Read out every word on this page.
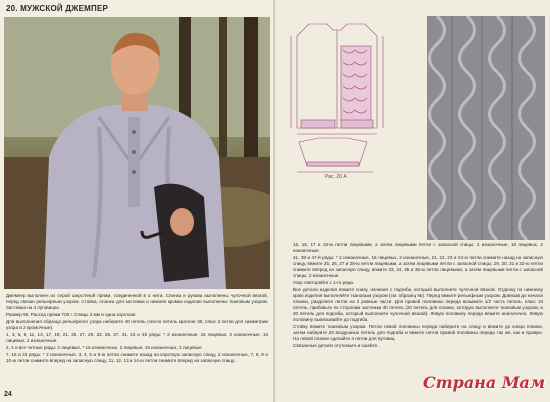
20. МУЖСКОЙ ДЖЕМПЕР

Джемпер выполнен из серой шерстяной пряжи, соединенной в 4 нити. Спинка и рукава выполнены чулочной вязкой, перед связан рельефным узором. Стойка, планка для застежки и нижняя кромка изделия выполнены ткановым узором. Застежка на 4 пуговицах.

Размер 56. Расход пряжи 700 г. Спицы 2 мм и одна короткая.

Для выполнения образца рельефного узора наберите 40 петель (число петель кратное 36, плюс 2 петли для симметрии узора и 2 кромочные).

1, 3, 5, 9, 11, 13, 17, 19, 21, 25, 27, 29, 33, 35, 37, 41, 43 и 45 ряды: * 2 изнаночные, 16 лицевых, 2 изнаночные, 16 лицевых, 2 изнаночные.

2, 4 и все четные ряды: 2 лицевые, * 16 изнаночных, 2 лицевые, 16 изнаночных, 2 лицевые.

7, 15 и 23 ряды: * 2 изнаночные, 3, 4, 5 и 6-ю петли снимите назад на короткую запасную спицу, 2 изнаночные, 7, 8, 9 и 10-ю петли снимите вперед на запасную спицу, 11, 12, 13 и 14-ю петли снимите вперед на запасную спицу...

24
Рис. 20 А

15, 16, 17 и 18-ю петли лицевыми, а затем лицевыми петли с запасной спицы; 2 изнаночные, 16 лицевых, 2 изнаночные.

31, 39 и 47-й ряды: * 2 изнаночные, 16 лицевых, 2 изнаночные, 21, 22, 23 и 24-ю петли снимите назад на запасную спицу, вяжите 25, 26, 27 и 28-ю петли лицевыми, а затем лицевыми петли с запасной спицы; 29, 30, 31 и 32-ю петли снимите вперед на запасную спицу, вяжите 33, 34, 35 и 36-ю петли лицевыми, а затем лицевыми петли с запасной спицы, 2 изнаночные.

Узор повторяйте с 1-го ряда.

Все детали изделия вяжите снизу, начиная с подгиба, который выполните чулочной вязкой. Отделку по нижнему краю изделия выполняйте ткановым узором (см. образец №). Перед вяжите рельефным узором. Довязав до начала планки, разделите петли на 2 равные части. Для правой половины переда возьмите 1/2 часть петель, плюс 10 петель, прибавьте по сторонам застежки 40 петель (20 петель для планки, которую выполните ткановым узором, и 20 петель для подгиба, который выполните чулочной вязкой). Левую половину переда вяжите аналогично. Левую половину вывязывайте до подгиба.

Стойку вяжите ткановым узором. Петли левой половины переда наберите на спицу и вяжите до конца планки, затем наберите 20 воздушных петель для подгиба и вяжите петли правой половины переда так же, как и правую. На левой планке сделайте 4 петли для пуговиц.

Связанные детали отутюжьте и сшейте.

Страна Мам
